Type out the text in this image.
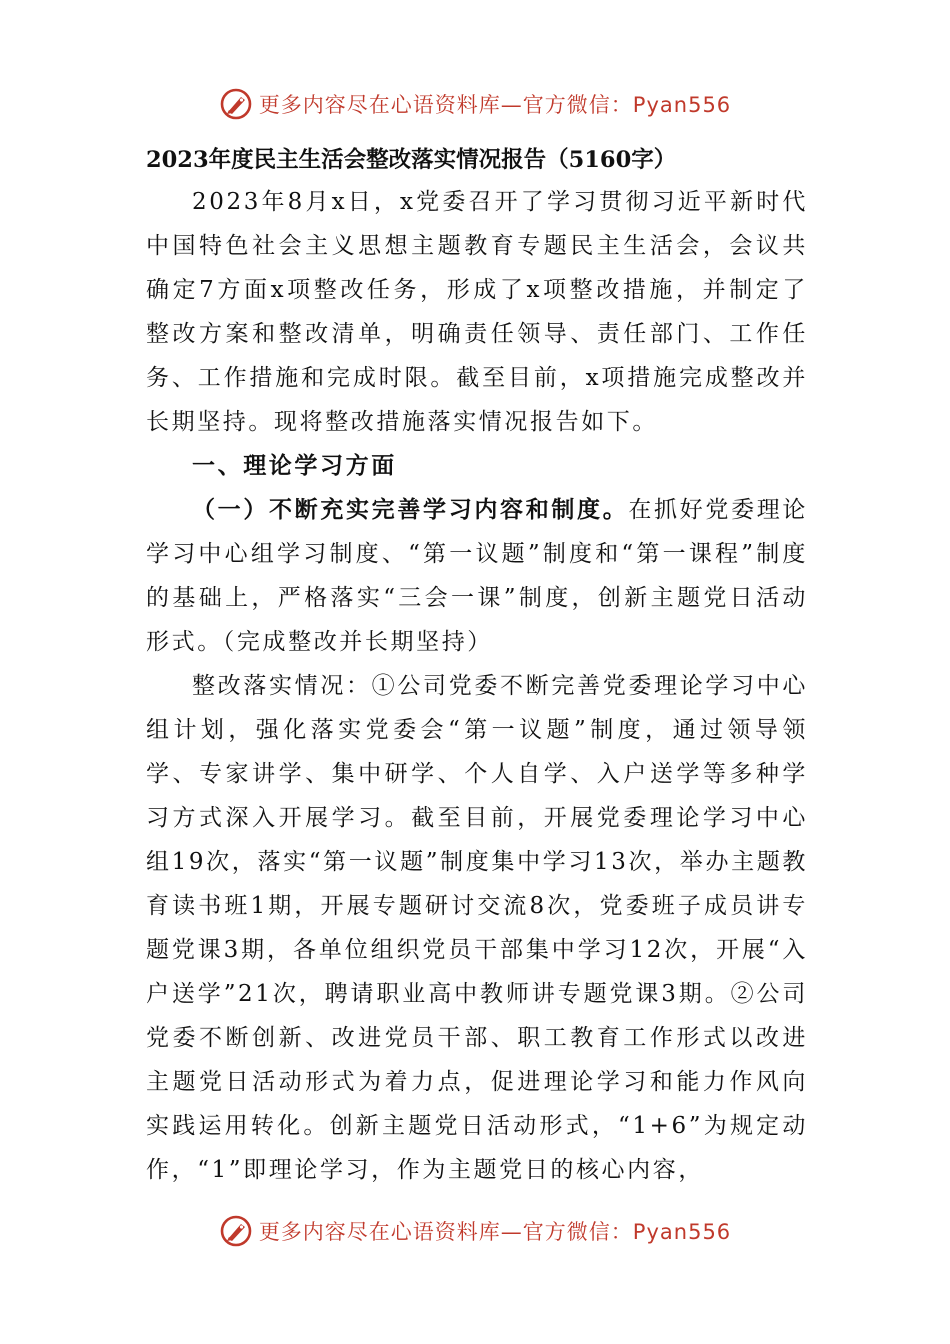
更多内容尽在心语资料库—官方微信：Pyan556

2023年度民主生活会整改落实情况报告（5160字）

2023年8月x日，x党委召开了学习贯彻习近平新时代中国特色社会主义思想主题教育专题民主生活会，会议共确定7方面x项整改任务，形成了x项整改措施，并制定了整改方案和整改清单，明确责任领导、责任部门、工作任务、工作措施和完成时限。截至目前，x项措施完成整改并长期坚持。现将整改措施落实情况报告如下。

一、理论学习方面

（一）不断充实完善学习内容和制度。在抓好党委理论学习中心组学习制度、“第一议题”制度和“第一课程”制度的基础上，严格落实“三会一课”制度，创新主题党日活动形式。（完成整改并长期坚持）

整改落实情况：①公司党委不断完善党委理论学习中心组计划，强化落实党委会“第一议题”制度，通过领导领学、专家讲学、集中研学、个人自学、入户送学等多种学习方式深入开展学习。截至目前，开展党委理论学习中心组19次，落实“第一议题”制度集中学习13次，举办主题教育读书班1期，开展专题研讨交流8次，党委班子成员讲专题党课3期，各单位组织党员干部集中学习12次，开展“入户送学”21次，聘请职业高中教师讲专题党课3期。②公司党委不断创新、改进党员干部、职工教育工作形式以改进主题党日活动形式为着力点，促进理论学习和能力作风向实践运用转化。创新主题党日活动形式，“1+6”为规定动作，“1”即理论学习，作为主题党日的核心内容，

更多内容尽在心语资料库—官方微信：Pyan556
